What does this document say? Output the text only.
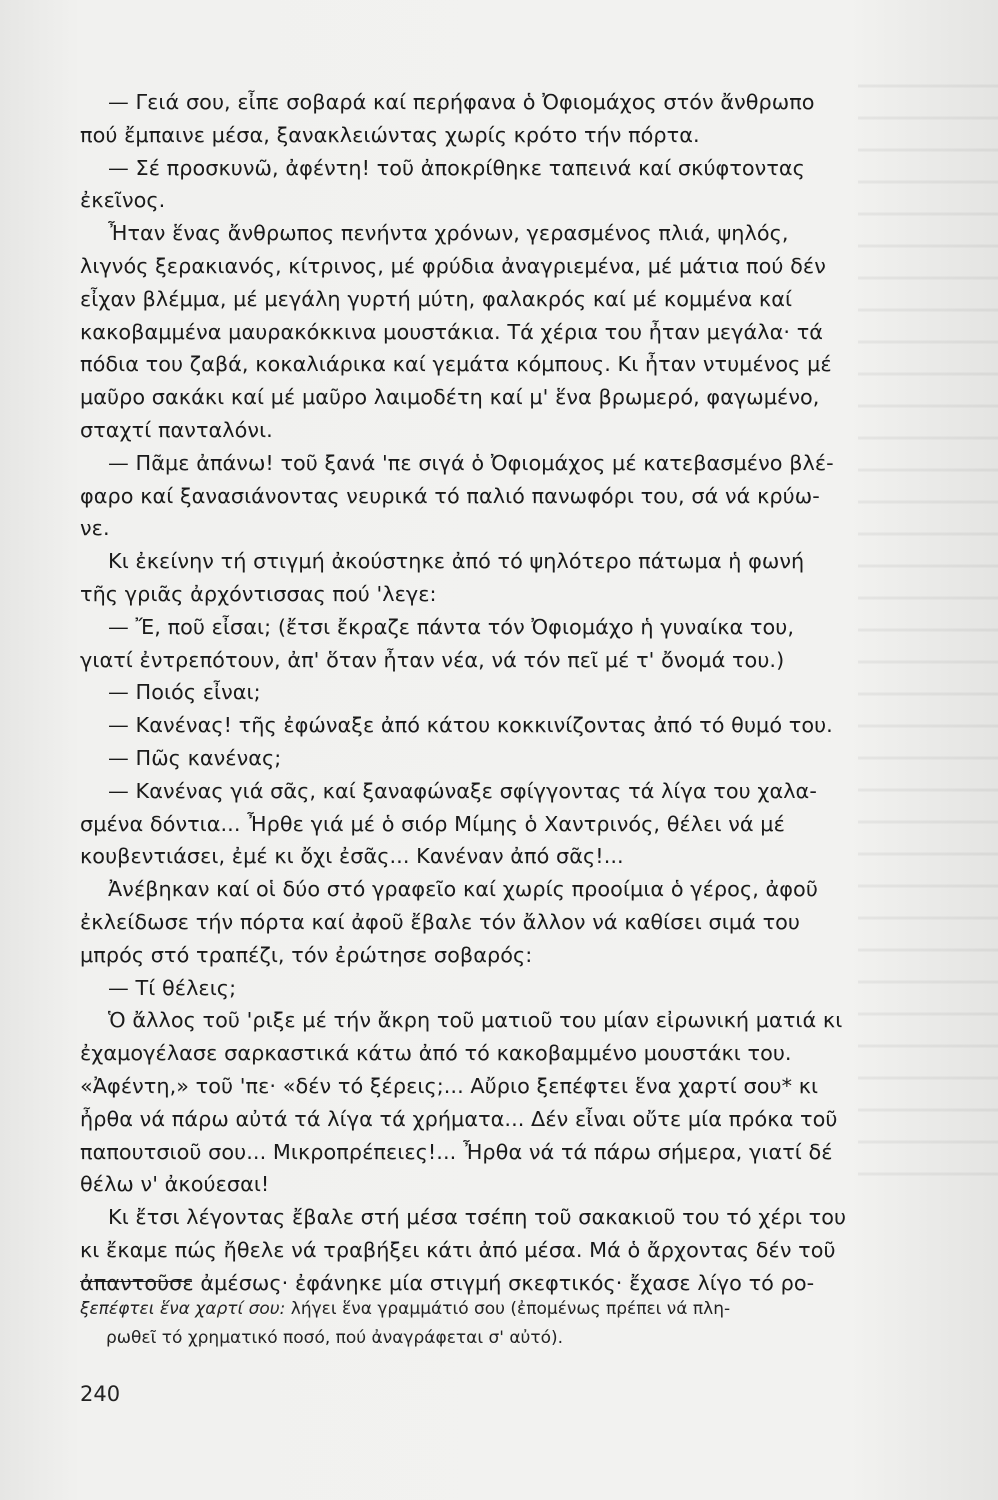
— Γειά σου, εἶπε σοβαρά καί περήφανα ὁ Ὀφιομάχος στόν ἄνθρωπο
πού ἔμπαινε μέσα, ξανακλειώντας χωρίς κρότο τήν πόρτα.
— Σέ προσκυνῶ, ἀφέντη! τοῦ ἀποκρίθηκε ταπεινά καί σκύφτοντας
ἐκεῖνος.
Ἦταν ἕνας ἄνθρωπος πενήντα χρόνων, γερασμένος πλιά, ψηλός,
λιγνός ξερακιανός, κίτρινος, μέ φρύδια ἀναγριεμένα, μέ μάτια πού δέν
εἶχαν βλέμμα, μέ μεγάλη γυρτή μύτη, φαλακρός καί μέ κομμένα καί
κακοβαμμένα μαυρακόκκινα μουστάκια. Τά χέρια του ἦταν μεγάλα· τά
πόδια του ζαβά, κοκαλιάρικα καί γεμάτα κόμπους. Κι ἦταν ντυμένος μέ
μαῦρο σακάκι καί μέ μαῦρο λαιμοδέτη καί μ' ἕνα βρωμερό, φαγωμένο,
σταχτί πανταλόνι.
— Πᾶμε ἀπάνω! τοῦ ξανά 'πε σιγά ὁ Ὀφιομάχος μέ κατεβασμένο βλέ-
φαρο καί ξανασιάνοντας νευρικά τό παλιό πανωφόρι του, σά νά κρύω-
νε.
Κι ἐκείνην τή στιγμή ἀκούστηκε ἀπό τό ψηλότερο πάτωμα ἡ φωνή
τῆς γριᾶς ἀρχόντισσας πού 'λεγε:
— Ἔ, ποῦ εἶσαι; (ἔτσι ἔκραζε πάντα τόν Ὀφιομάχο ἡ γυναίκα του,
γιατί ἐντρεπότουν, ἀπ' ὅταν ἦταν νέα, νά τόν πεῖ μέ τ' ὄνομά του.)
— Ποιός εἶναι;
— Κανένας! τῆς ἐφώναξε ἀπό κάτου κοκκινίζοντας ἀπό τό θυμό του.
— Πῶς κανένας;
— Κανένας γιά σᾶς, καί ξαναφώναξε σφίγγοντας τά λίγα του χαλα-
σμένα δόντια... Ἦρθε γιά μέ ὁ σιόρ Μίμης ὁ Χαντρινός, θέλει νά μέ
κουβεντιάσει, ἐμέ κι ὄχι ἐσᾶς... Κανέναν ἀπό σᾶς!...
Ἀνέβηκαν καί οἱ δύο στό γραφεῖο καί χωρίς προοίμια ὁ γέρος, ἀφοῦ
ἐκλείδωσε τήν πόρτα καί ἀφοῦ ἔβαλε τόν ἄλλον νά καθίσει σιμά του
μπρός στό τραπέζι, τόν ἐρώτησε σοβαρός:
— Τί θέλεις;
Ὁ ἄλλος τοῦ 'ριξε μέ τήν ἄκρη τοῦ ματιοῦ του μίαν εἰρωνική ματιά κι
ἐχαμογέλασε σαρκαστικά κάτω ἀπό τό κακοβαμμένο μουστάκι του.
«Ἀφέντη,» τοῦ 'πε· «δέν τό ξέρεις;... Αὔριο ξεπέφτει ἕνα χαρτί σου* κι
ἦρθα νά πάρω αὐτά τά λίγα τά χρήματα... Δέν εἶναι οὔτε μία πρόκα τοῦ
παπουτσιοῦ σου... Μικροπρέπειες!... Ἦρθα νά τά πάρω σήμερα, γιατί δέ
θέλω ν' ἀκούεσαι!
Κι ἔτσι λέγοντας ἔβαλε στή μέσα τσέπη τοῦ σακακιοῦ του τό χέρι του
κι ἔκαμε πώς ἤθελε νά τραβήξει κάτι ἀπό μέσα. Μά ὁ ἄρχοντας δέν τοῦ
ἀπαντοῦσε ἀμέσως· ἐφάνηκε μία στιγμή σκεφτικός· ἔχασε λίγο τό ρο-
ξεπέφτει ἕνα χαρτί σου: λήγει ἕνα γραμμάτιό σου (ἐπομένως πρέπει νά πλη-
ρωθεῖ τό χρηματικό ποσό, πού ἀναγράφεται σ' αὐτό).
240
